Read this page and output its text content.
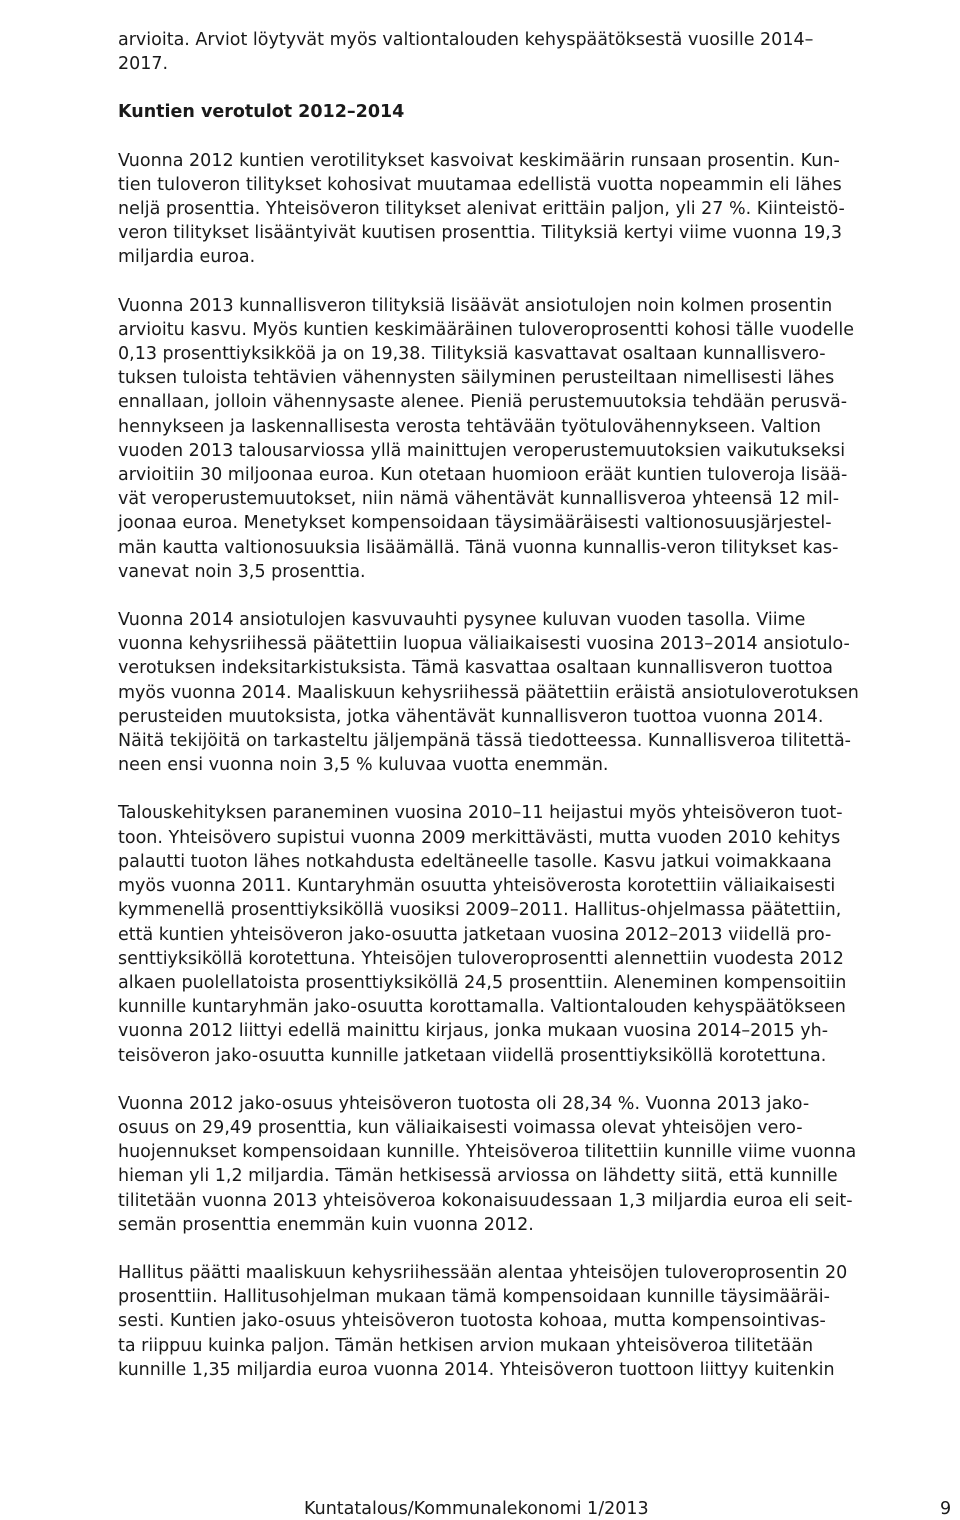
arvioita. Arviot löytyvät myös valtiontalouden kehyspäätöksestä vuosille 2014–
2017.

Kuntien verotulot 2012–2014

Vuonna 2012 kuntien verotilitykset kasvoivat keskimäärin runsaan prosentin. Kun-
tien tuloveron tilitykset kohosivat muutamaa edellistä vuotta nopeammin eli lähes
neljä prosenttia. Yhteisöveron tilitykset alenivat erittäin paljon, yli 27 %. Kiinteistö-
veron tilitykset lisääntyivät kuutisen prosenttia. Tilityksiä kertyi viime vuonna 19,3
miljardia euroa.

Vuonna 2013 kunnallisveron tilityksiä lisäävät ansiotulojen noin kolmen prosentin
arvioitu kasvu. Myös kuntien keskimääräinen tuloveroprosentti kohosi tälle vuodelle
0,13 prosenttiyksikköä ja on 19,38. Tilityksiä kasvattavat osaltaan kunnallisvero-
tuksen tuloista tehtävien vähennysten säilyminen perusteiltaan nimellisesti lähes
ennallaan, jolloin vähennysaste alenee. Pieniä perustemuutoksia tehdään perusvä-
hennykseen ja laskennallisesta verosta tehtävään työtulovähennykseen. Valtion
vuoden 2013 talousarviossa yllä mainittujen veroperustemuutoksien vaikutukseksi
arvioitiin 30 miljoonaa euroa. Kun otetaan huomioon eräät kuntien tuloveroja lisää-
vät veroperustemuutokset, niin nämä vähentävät kunnallisveroa yhteensä 12 mil-
joonaa euroa. Menetykset kompensoidaan täysimääräisesti valtionosuusjärjestel-
män kautta valtionosuuksia lisäämällä. Tänä vuonna kunnallis-veron tilitykset kas-
vanevat noin 3,5 prosenttia.

Vuonna 2014 ansiotulojen kasvuvauhti pysynee kuluvan vuoden tasolla. Viime
vuonna kehysriihessä päätettiin luopua väliaikaisesti vuosina 2013–2014 ansiotulo-
verotuksen indeksitarkistuksista. Tämä kasvattaa osaltaan kunnallisveron tuottoa
myös vuonna 2014. Maaliskuun kehysriihessä päätettiin eräistä ansiotuloverotuksen
perusteiden muutoksista, jotka vähentävät kunnallisveron tuottoa vuonna 2014.
Näitä tekijöitä on tarkasteltu jäljempänä tässä tiedotteessa. Kunnallisveroa tilitettä-
neen ensi vuonna noin 3,5 % kuluvaa vuotta enemmän.

Talouskehityksen paraneminen vuosina 2010–11 heijastui myös yhteisöveron tuot-
toon. Yhteisövero supistui vuonna 2009 merkittävästi, mutta vuoden 2010 kehitys
palautti tuoton lähes notkahdusta edeltäneelle tasolle. Kasvu jatkui voimakkaana
myös vuonna 2011. Kuntaryhmän osuutta yhteisöverosta korotettiin väliaikaisesti
kymmenellä prosenttiyksiköllä vuosiksi 2009–2011. Hallitus-ohjelmassa päätettiin,
että kuntien yhteisöveron jako-osuutta jatketaan vuosina 2012–2013 viidellä pro-
senttiyksiköllä korotettuna. Yhteisöjen tuloveroprosentti alennettiin vuodesta 2012
alkaen puolellatoista prosenttiyksiköllä 24,5 prosenttiin. Aleneminen kompensoitiin
kunnille kuntaryhmän jako-osuutta korottamalla. Valtiontalouden kehyspäätökseen
vuonna 2012 liittyi edellä mainittu kirjaus, jonka mukaan vuosina 2014–2015 yh-
teisöveron jako-osuutta kunnille jatketaan viidellä prosenttiyksiköllä korotettuna.

Vuonna 2012 jako-osuus yhteisöveron tuotosta oli 28,34 %. Vuonna 2013 jako-
osuus on 29,49 prosenttia, kun väliaikaisesti voimassa olevat yhteisöjen vero-
huojennukset kompensoidaan kunnille. Yhteisöveroa tilitettiin kunnille viime vuonna
hieman yli 1,2 miljardia. Tämän hetkisessä arviossa on lähdetty siitä, että kunnille
tilitetään vuonna 2013 yhteisöveroa kokonaisuudessaan 1,3 miljardia euroa eli seit-
semän prosenttia enemmän kuin vuonna 2012.

Hallitus päätti maaliskuun kehysriihessään alentaa yhteisöjen tuloveroprosentin 20
prosenttiin. Hallitusohjelman mukaan tämä kompensoidaan kunnille täysimääräi-
sesti. Kuntien jako-osuus yhteisöveron tuotosta kohoaa, mutta kompensointivas-
ta riippuu kuinka paljon. Tämän hetkisen arvion mukaan yhteisöveroa tilitetään
kunnille 1,35 miljardia euroa vuonna 2014. Yhteisöveron tuottoon liittyy kuitenkin

Kuntatalous/Kommunalekonomi 1/2013	9
